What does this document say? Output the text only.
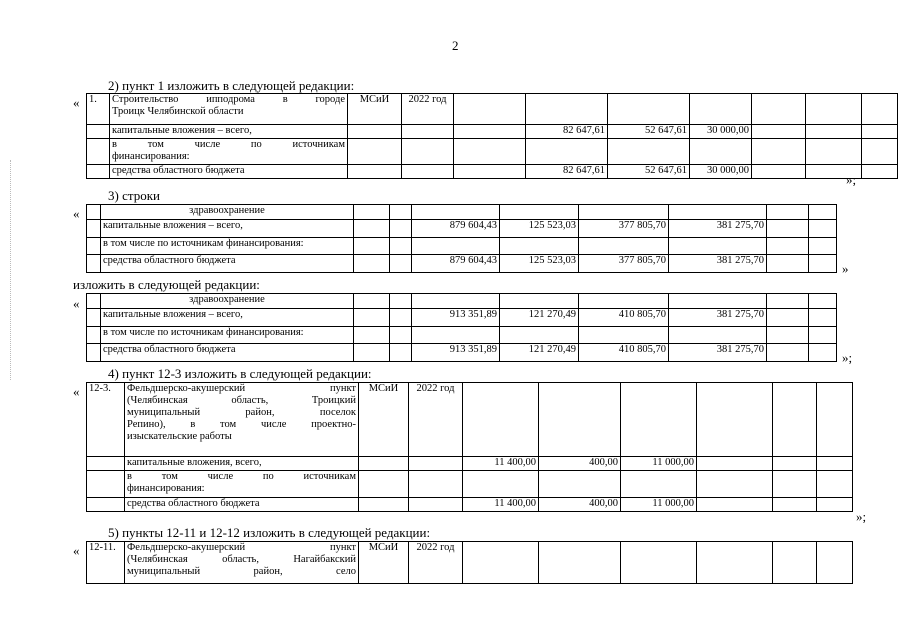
2
2) пункт 1 изложить в следующей редакции:
« 1.	Строительство ипподрома в городе
Троицк Челябинской области	МСиИ	2022 год							
	капитальные вложения – всего,				82 647,61	52 647,61	30 000,00			

	в том числе по источникам
финансирования:									

	средства областного бюджета				82 647,61	52 647,61	30 000,00			
»;
3) строки
«
		здравоохранение								
	капитальные вложения – всего,			879 604,43	125 523,03	377 805,70	381 275,70		
	в том числе по источникам финансирования:								
	средства областного бюджета			879 604,43	125 523,03	377 805,70	381 275,70		
»
изложить в следующей редакции:
«
		здравоохранение								
	капитальные вложения – всего,			913 351,89	121 270,49	410 805,70	381 275,70		
	в том числе по источникам финансирования:								
	средства областного бюджета			913 351,89	121 270,49	410 805,70	381 275,70		
»;
4) пункт 12-3 изложить в следующей редакции:
« 12-3.	Фельдшерско-акушерский пункт
(Челябинская область, Троицкий
муниципальный район, поселок
Репино), в том числе проектно-
изыскательские работы	МСиИ	2022 год						
	капитальные вложения, всего,			11 400,00	400,00	11 000,00			

	в том числе по источникам
финансирования:								

	средства областного бюджета			11 400,00	400,00	11 000,00			
»;
5) пункты 12-11 и 12-12 изложить в следующей редакции:
« 12-11.	Фельдшерско-акушерский пункт
(Челябинская область, Нагайбакский
муниципальный район, село
	МСиИ	2022 год						
